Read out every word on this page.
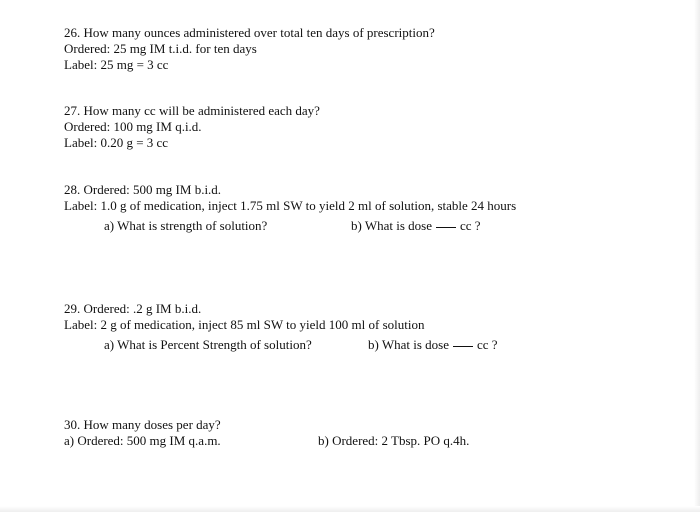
26. How many ounces administered over total ten days of prescription?
Ordered: 25 mg IM t.i.d. for ten days
Label: 25 mg = 3 cc
27. How many cc will be administered each day?
Ordered: 100 mg IM q.i.d.
Label: 0.20 g = 3 cc
28. Ordered: 500 mg IM b.i.d.
Label: 1.0 g of medication, inject 1.75 ml SW to yield 2 ml of solution, stable 24 hours
a) What is strength of solution?	b) What is dose cc ?
29. Ordered: .2 g IM b.i.d.
Label: 2 g of medication, inject 85 ml SW to yield 100 ml of solution
a) What is Percent Strength of solution?	b) What is dose cc ?
30. How many doses per day?
a) Ordered: 500 mg IM q.a.m.	b) Ordered: 2 Tbsp. PO q.4h.
